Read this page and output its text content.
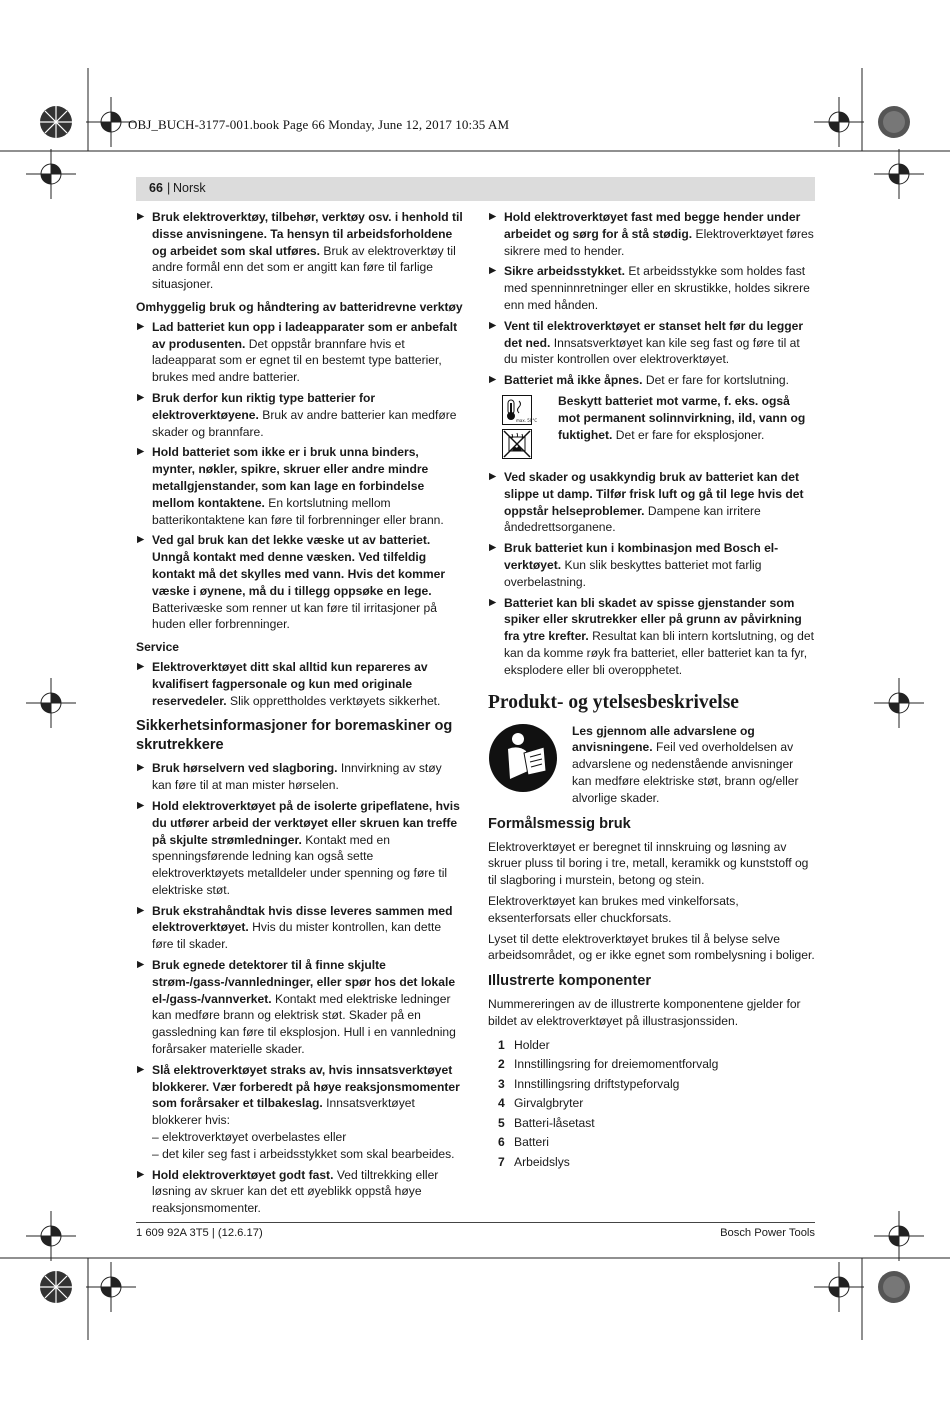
OBJ_BUCH-3177-001.book Page 66 Monday, June 12, 2017 10:35 AM
66 | Norsk
▶ Bruk elektroverktøy, tilbehør, verktøy osv. i henhold til disse anvisningene. Ta hensyn til arbeidsforholdene og arbeidet som skal utføres. Bruk av elektroverktøy til andre formål enn det som er angitt kan føre til farlige situasjoner.
Omhyggelig bruk og håndtering av batteridrevne verktøy
▶ Lad batteriet kun opp i ladeapparater som er anbefalt av produsenten. Det oppstår brannfare hvis et ladeapparat som er egnet til en bestemt type batterier, brukes med andre batterier.
▶ Bruk derfor kun riktig type batterier for elektroverktøyene. Bruk av andre batterier kan medføre skader og brannfare.
▶ Hold batteriet som ikke er i bruk unna binders, mynter, nøkler, spikre, skruer eller andre mindre metallgjenstander, som kan lage en forbindelse mellom kontaktene. En kortslutning mellom batterikontaktene kan føre til forbrenninger eller brann.
▶ Ved gal bruk kan det lekke væske ut av batteriet. Unngå kontakt med denne væsken. Ved tilfeldig kontakt må det skylles med vann. Hvis det kommer væske i øynene, må du i tillegg oppsøke en lege. Batterivæske som renner ut kan føre til irritasjoner på huden eller forbrenninger.
Service
▶ Elektroverktøyet ditt skal alltid kun repareres av kvalifisert fagpersonale og kun med originale reservedeler. Slik opprettholdes verktøyets sikkerhet.
Sikkerhetsinformasjoner for boremaskiner og skrutrekkere
▶ Bruk hørselvern ved slagboring. Innvirkning av støy kan føre til at man mister hørselen.
▶ Hold elektroverktøyet på de isolerte gripeflatene, hvis du utfører arbeid der verktøyet eller skruen kan treffe på skjulte strømledninger. Kontakt med en spenningsførende ledning kan også sette elektroverktøyets metalldeler under spenning og føre til elektriske støt.
▶ Bruk ekstrahåndtak hvis disse leveres sammen med elektroverktøyet. Hvis du mister kontrollen, kan dette føre til skader.
▶ Bruk egnede detektorer til å finne skjulte strøm-/gass-/vannledninger, eller spør hos det lokale el-/gass-/vannverket. Kontakt med elektriske ledninger kan medføre brann og elektrisk støt. Skader på en gassledning kan føre til eksplosjon. Hull i en vannledning forårsaker materielle skader.
▶ Slå elektroverktøyet straks av, hvis innsatsverktøyet blokkerer. Vær forberedt på høye reaksjonsmomenter som forårsaker et tilbakeslag. Innsatsverktøyet blokkerer hvis:
– elektroverktøyet overbelastes eller
– det kiler seg fast i arbeidsstykket som skal bearbeides.
▶ Hold elektroverktøyet godt fast. Ved tiltrekking eller løsning av skruer kan det ett øyeblikk oppstå høye reaksjonsmomenter.
▶ Hold elektroverktøyet fast med begge hender under arbeidet og sørg for å stå stødig. Elektroverktøyet føres sikrere med to hender.
▶ Sikre arbeidsstykket. Et arbeidsstykke som holdes fast med spenninnretninger eller en skrustikke, holdes sikrere enn med hånden.
▶ Vent til elektroverktøyet er stanset helt før du legger det ned. Innsatsverktøyet kan kile seg fast og føre til at du mister kontrollen over elektroverktøyet.
▶ Batteriet må ikke åpnes. Det er fare for kortslutning.
max. 50°C
Beskytt batteriet mot varme, f. eks. også mot permanent solinnvirkning, ild, vann og fuktighet. Det er fare for eksplosjoner.
▶ Ved skader og usakkyndig bruk av batteriet kan det slippe ut damp. Tilfør frisk luft og gå til lege hvis det oppstår helseproblemer. Dampene kan irritere åndedrettsorganene.
▶ Bruk batteriet kun i kombinasjon med Bosch el-verktøyet. Kun slik beskyttes batteriet mot farlig overbelastning.
▶ Batteriet kan bli skadet av spisse gjenstander som spiker eller skrutrekker eller på grunn av påvirkning fra ytre krefter. Resultat kan bli intern kortslutning, og det kan da komme røyk fra batteriet, eller batteriet kan ta fyr, eksplodere eller bli overopphetet.
Produkt- og ytelsesbeskrivelse
Les gjennom alle advarslene og anvisningene. Feil ved overholdelsen av advarslene og nedenstående anvisninger kan medføre elektriske støt, brann og/eller alvorlige skader.
Formålsmessig bruk
Elektroverktøyet er beregnet til innskruing og løsning av skruer pluss til boring i tre, metall, keramikk og kunststoff og til slagboring i murstein, betong og stein.
Elektroverktøyet kan brukes med vinkelforsats, eksenterforsats eller chuckforsats.
Lyset til dette elektroverktøyet brukes til å belyse selve arbeidsområdet, og er ikke egnet som rombelysning i boliger.
Illustrerte komponenter
Nummereringen av de illustrerte komponentene gjelder for bildet av elektroverktøyet på illustrasjonssiden.
1 Holder
2 Innstillingsring for dreiemomentforvalg
3 Innstillingsring driftstypeforvalg
4 Girvalgbryter
5 Batteri-låsetast
6 Batteri
7 Arbeidslys
1 609 92A 3T5 | (12.6.17)	Bosch Power Tools
